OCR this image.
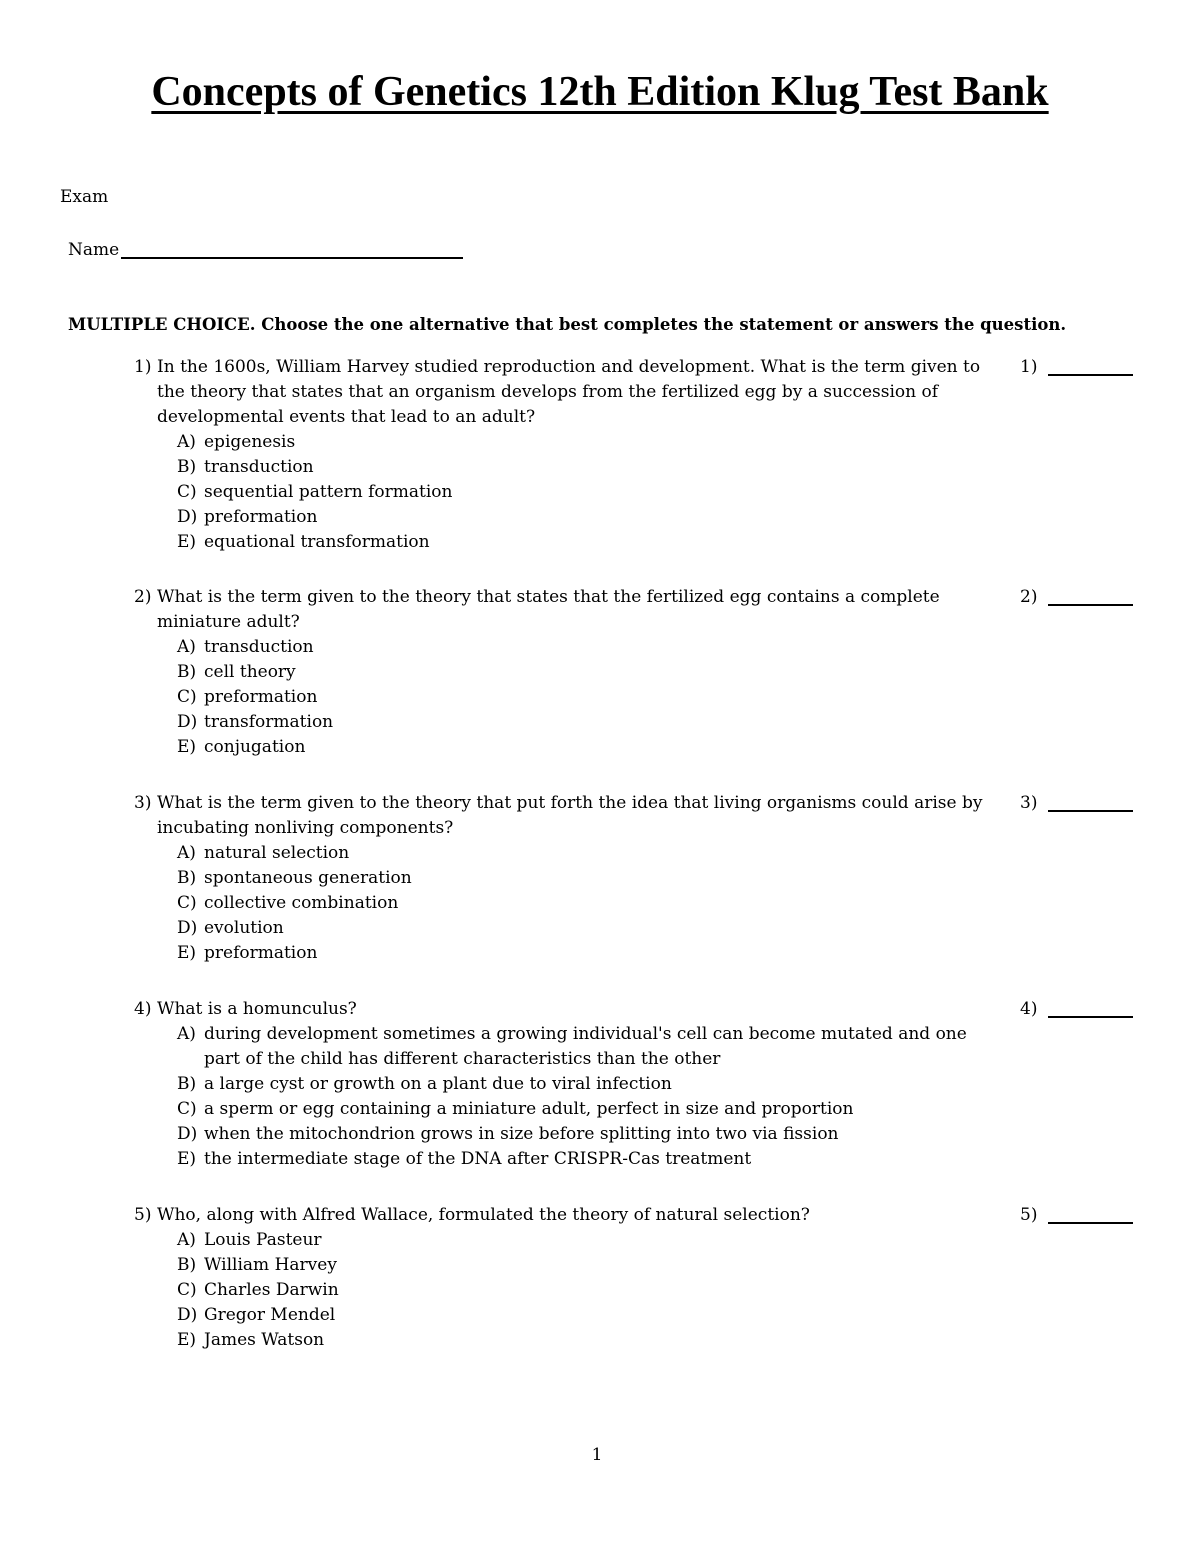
Concepts of Genetics 12th Edition Klug Test Bank
Exam
Name
MULTIPLE CHOICE. Choose the one alternative that best completes the statement or answers the question.
1) In the 1600s, William Harvey studied reproduction and development. What is the term given to the theory that states that an organism develops from the fertilized egg by a succession of developmental events that lead to an adult?
A) epigenesis
B) transduction
C) sequential pattern formation
D) preformation
E) equational transformation
1)
2) What is the term given to the theory that states that the fertilized egg contains a complete miniature adult?
A) transduction
B) cell theory
C) preformation
D) transformation
E) conjugation
2)
3) What is the term given to the theory that put forth the idea that living organisms could arise by incubating nonliving components?
A) natural selection
B) spontaneous generation
C) collective combination
D) evolution
E) preformation
3)
4) What is a homunculus?
A) during development sometimes a growing individual's cell can become mutated and one part of the child has different characteristics than the other
B) a large cyst or growth on a plant due to viral infection
C) a sperm or egg containing a miniature adult, perfect in size and proportion
D) when the mitochondrion grows in size before splitting into two via fission
E) the intermediate stage of the DNA after CRISPR-Cas treatment
4)
5) Who, along with Alfred Wallace, formulated the theory of natural selection?
A) Louis Pasteur
B) William Harvey
C) Charles Darwin
D) Gregor Mendel
E) James Watson
5)
1
